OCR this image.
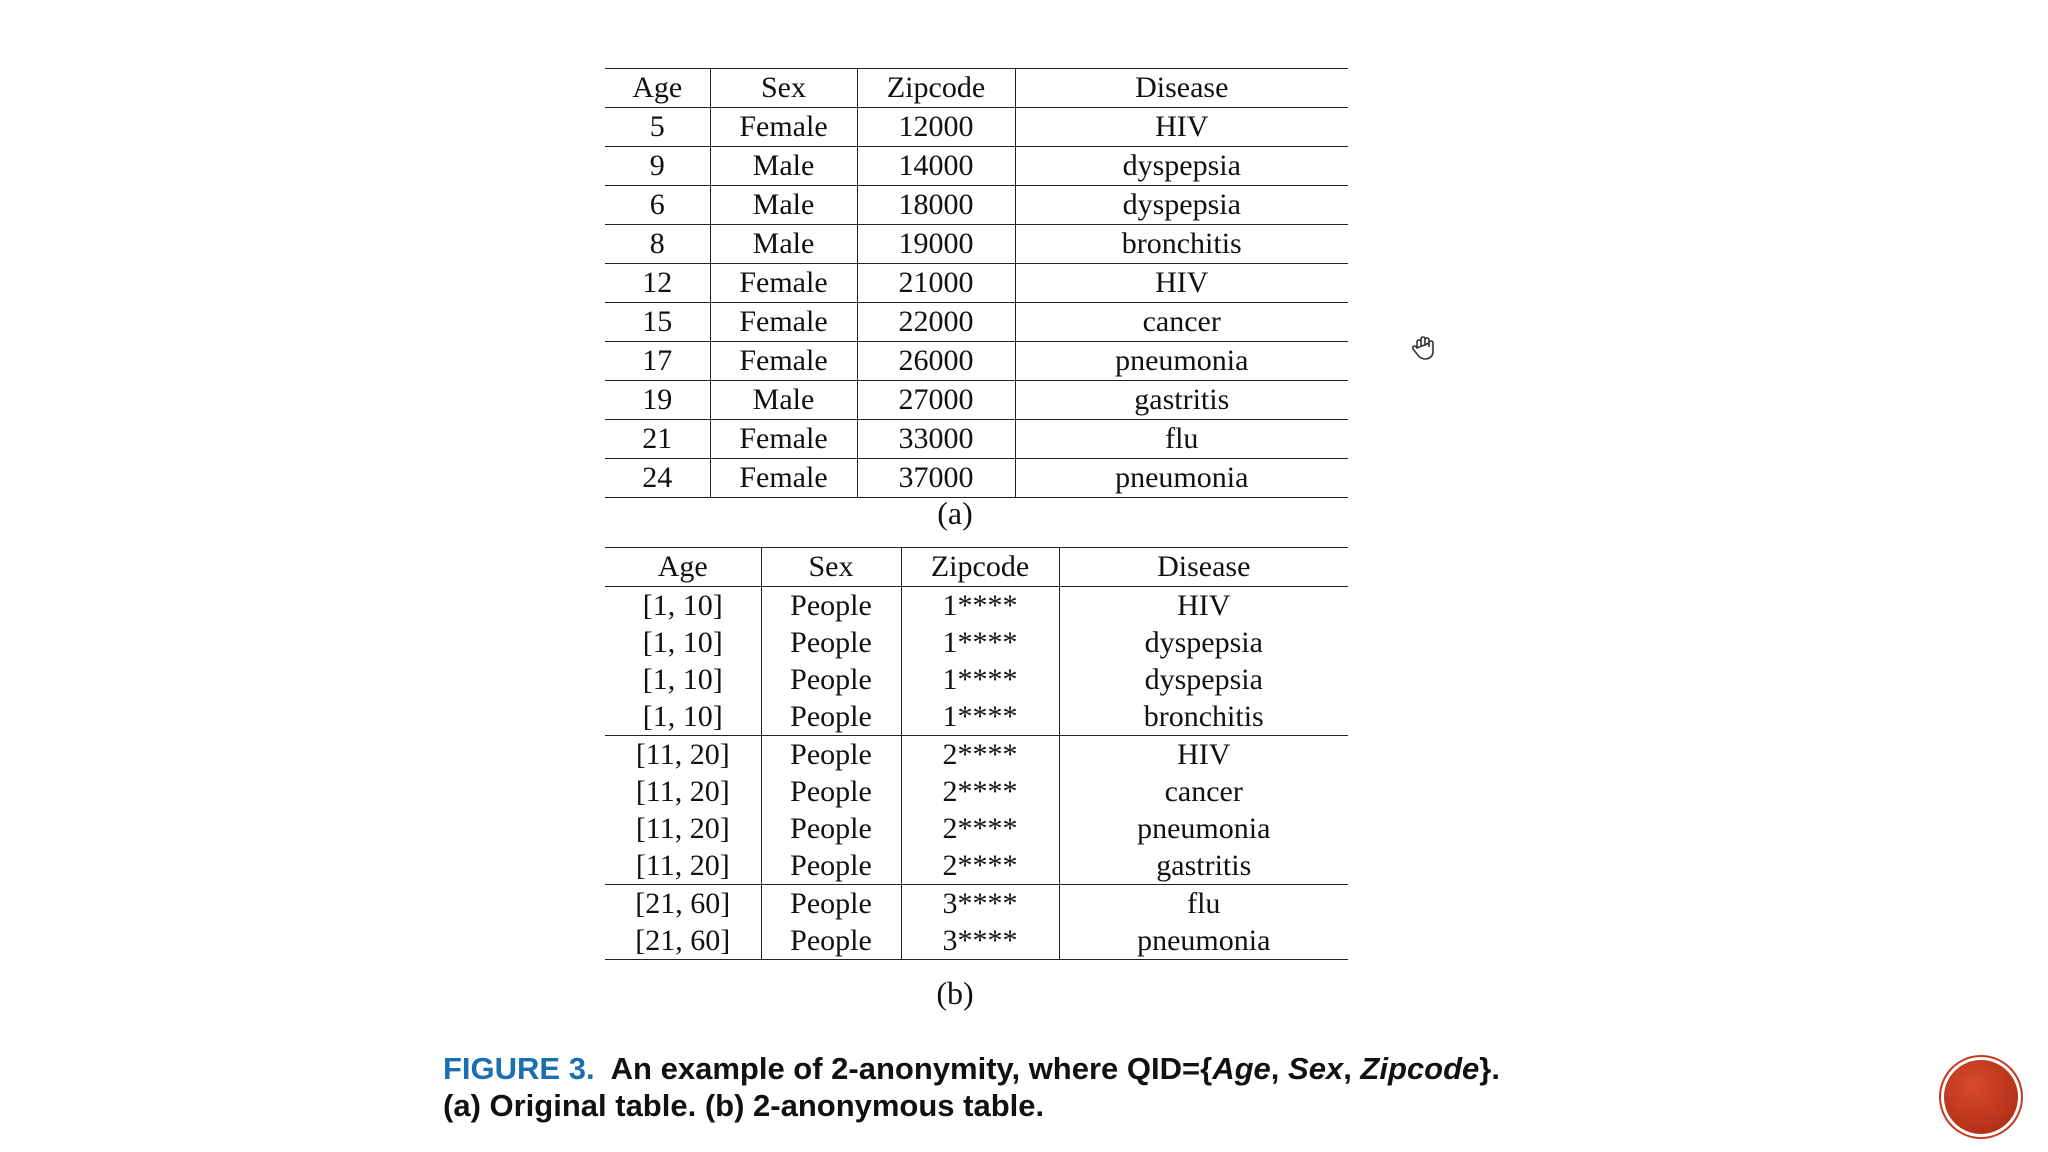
Age	Sex	Zipcode	Disease
5	Female	12000	HIV
9	Male	14000	dyspepsia
6	Male	18000	dyspepsia
8	Male	19000	bronchitis
12	Female	21000	HIV
15	Female	22000	cancer
17	Female	26000	pneumonia
19	Male	27000	gastritis
21	Female	33000	flu
24	Female	37000	pneumonia
(a)
Age	Sex	Zipcode	Disease
[1, 10]	People	1****	HIV
[1, 10]	People	1****	dyspepsia
[1, 10]	People	1****	dyspepsia
[1, 10]	People	1****	bronchitis
[11, 20]	People	2****	HIV
[11, 20]	People	2****	cancer
[11, 20]	People	2****	pneumonia
[11, 20]	People	2****	gastritis
[21, 60]	People	3****	flu
[21, 60]	People	3****	pneumonia
(b)
FIGURE 3. An example of 2-anonymity, where QID={Age, Sex, Zipcode}.
(a) Original table. (b) 2-anonymous table.
